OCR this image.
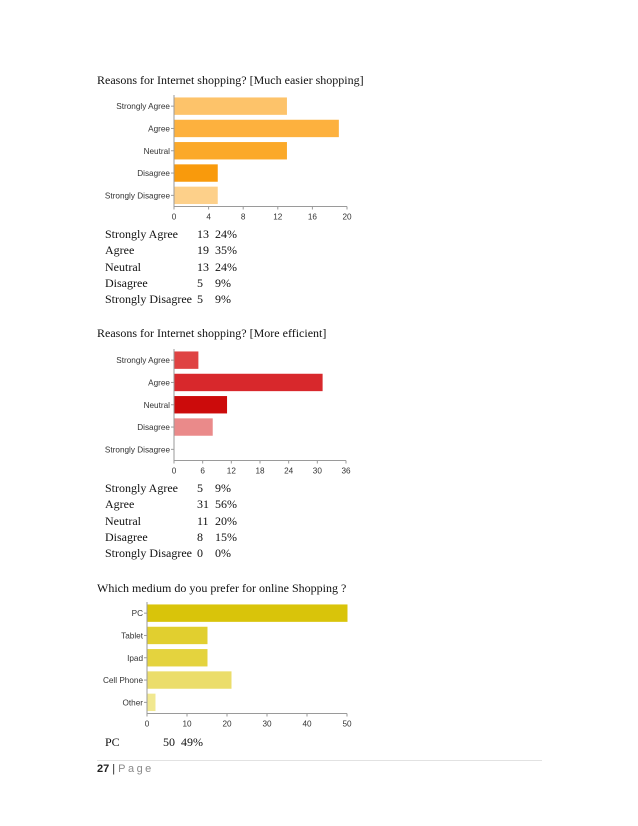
Reasons for Internet shopping? [Much easier shopping]
Strongly Agree
Agree
Neutral
Disagree
Strongly Disagree
0	4	8	12	16	20
Strongly Agree	13 24%
Agree	19 35%
Neutral	13 24%
Disagree	5	9%
Strongly Disagree 5	9%
Reasons for Internet shopping? [More efficient]
Strongly Agree
Agree
Neutral
Disagree
Strongly Disagree
0	6	12 18 24 30 36
Strongly Agree	5	9%
Agree	31 56%
Neutral	11 20%
Disagree	8	15%
Strongly Disagree 0	0%
Which medium do you prefer for online Shopping ?
PC
Tablet
Ipad
Cell Phone
Other
0	10	20	30	40	50
PC	50 49%
27 | Page
